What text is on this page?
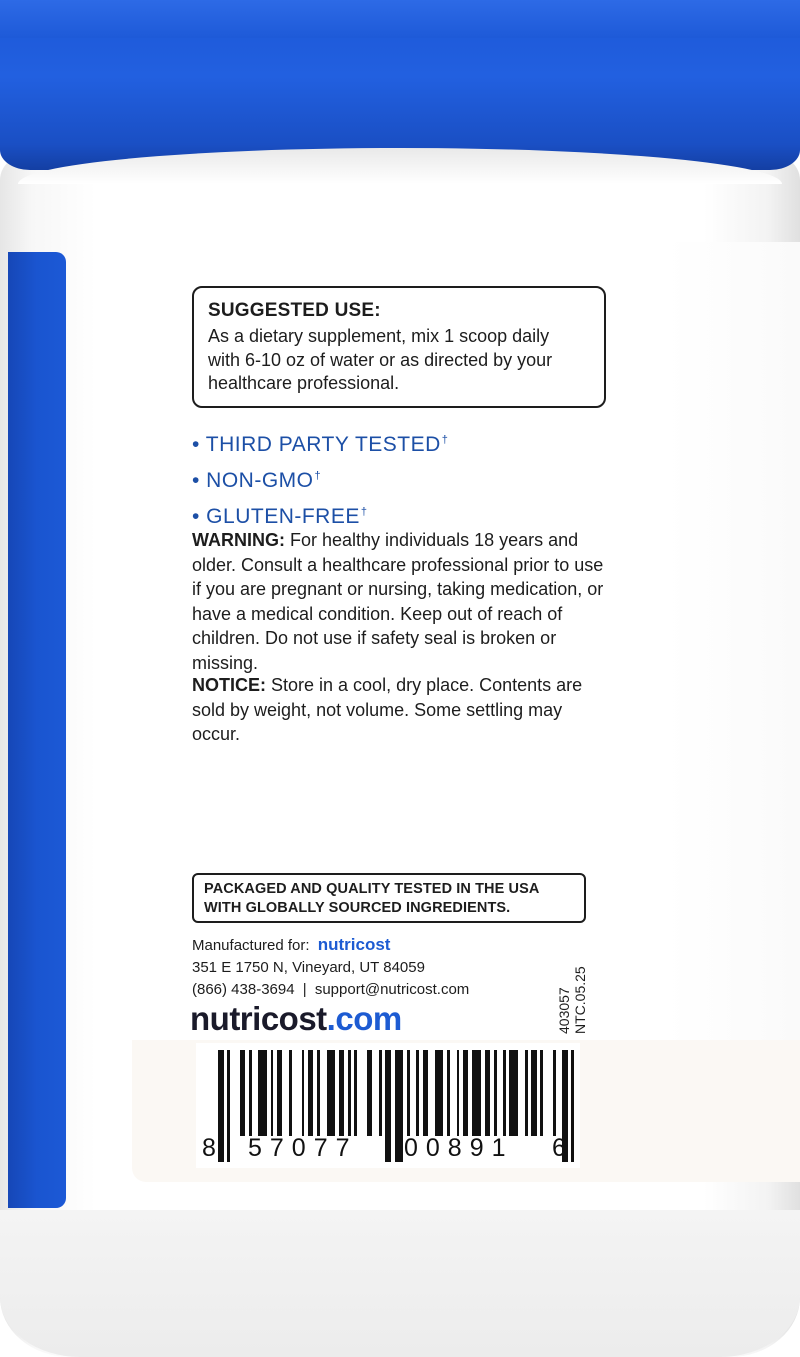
SUGGESTED USE:

As a dietary supplement, mix 1 scoop daily
with 6-10 oz of water or as directed by your
healthcare professional.

• THIRD PARTY TESTED†
• NON-GMO†
• GLUTEN-FREE†
WARNING: For healthy individuals 18 years and older. Consult a healthcare professional prior to use if you are pregnant or nursing, taking medication, or have a medical condition. Keep out of reach of children. Do not use if safety seal is broken or missing.
NOTICE: Store in a cool, dry place. Contents are sold by weight, not volume. Some settling may occur.
PACKAGED AND QUALITY TESTED IN THE USA
WITH GLOBALLY SOURCED INGREDIENTS.
Manufactured for: nutricost
351 E 1750 N, Vineyard, UT 84059
(866) 438-3694 | support@nutricost.com
nutricost.com	403057 NTC.05.25
8 57077 00891 6
